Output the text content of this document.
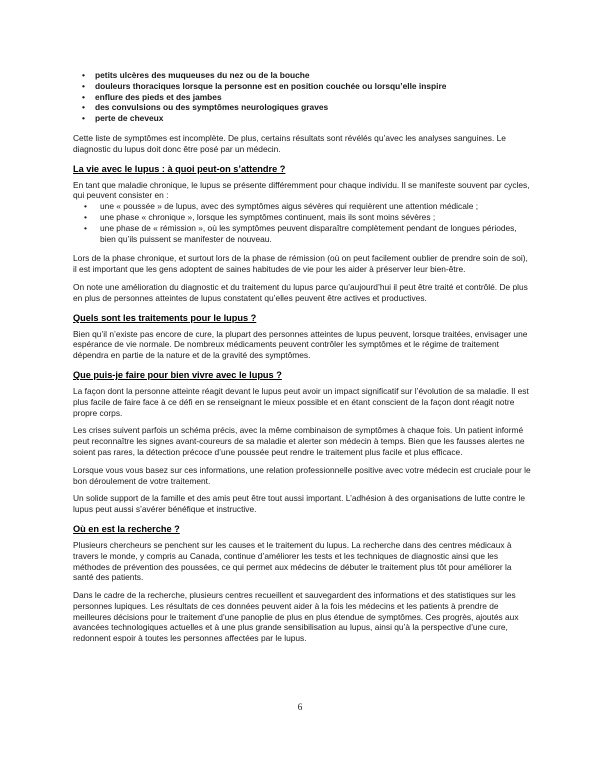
• petits ulcères des muqueuses du nez ou de la bouche
• douleurs thoraciques lorsque la personne est en position couchée ou lorsqu’elle inspire
• enflure des pieds et des jambes
• des convulsions ou des symptômes neurologiques graves
• perte de cheveux

Cette liste de symptômes est incomplète. De plus, certains résultats sont révélés qu’avec les analyses sanguines. Le diagnostic du lupus doit donc être posé par un médecin.

La vie avec le lupus : à quoi peut-on s’attendre ?

En tant que maladie chronique, le lupus se présente différemment pour chaque individu. Il se manifeste souvent par cycles, qui peuvent consister en :

• une « poussée » de lupus, avec des symptômes aigus sévères qui requièrent une attention médicale ;
• une phase « chronique », lorsque les symptômes continuent, mais ils sont moins sévères ;
• une phase de « rémission », où les symptômes peuvent disparaître complètement pendant de longues périodes, bien qu’ils puissent se manifester de nouveau.

Lors de la phase chronique, et surtout lors de la phase de rémission (où on peut facilement oublier de prendre soin de soi), il est important que les gens adoptent de saines habitudes de vie pour les aider à préserver leur bien-être.

On note une amélioration du diagnostic et du traitement du lupus parce qu’aujourd’hui il peut être traité et contrôlé. De plus en plus de personnes atteintes de lupus constatent qu’elles peuvent être actives et productives.

Quels sont les traitements pour le lupus ?

Bien qu’il n’existe pas encore de cure, la plupart des personnes atteintes de lupus peuvent, lorsque traitées, envisager une espérance de vie normale. De nombreux médicaments peuvent contrôler les symptômes et le régime de traitement dépendra en partie de la nature et de la gravité des symptômes.

Que puis-je faire pour bien vivre avec le lupus ?

La façon dont la personne atteinte réagit devant le lupus peut avoir un impact significatif sur l’évolution de sa maladie. Il est plus facile de faire face à ce défi en se renseignant le mieux possible et en étant conscient de la façon dont réagit notre propre corps.

Les crises suivent parfois un schéma précis, avec la même combinaison de symptômes à chaque fois. Un patient informé peut reconnaître les signes avant-coureurs de sa maladie et alerter son médecin à temps. Bien que les fausses alertes ne soient pas rares, la détection précoce d’une poussée peut rendre le traitement plus facile et plus efficace.

Lorsque vous vous basez sur ces informations, une relation professionnelle positive avec votre médecin est cruciale pour le bon déroulement de votre traitement.

Un solide support de la famille et des amis peut être tout aussi important. L’adhésion à des organisations de lutte contre le lupus peut aussi s’avérer bénéfique et instructive.

Où en est la recherche ?

Plusieurs chercheurs se penchent sur les causes et le traitement du lupus. La recherche dans des centres médicaux à travers le monde, y compris au Canada, continue d’améliorer les tests et les techniques de diagnostic ainsi que les méthodes de prévention des poussées, ce qui permet aux médecins de débuter le traitement plus tôt pour améliorer la santé des patients.

Dans le cadre de la recherche, plusieurs centres recueillent et sauvegardent des informations et des statistiques sur les personnes lupiques. Les résultats de ces données peuvent aider à la fois les médecins et les patients à prendre de meilleures décisions pour le traitement d’une panoplie de plus en plus étendue de symptômes. Ces progrès, ajoutés aux avancées technologiques actuelles et à une plus grande sensibilisation au lupus, ainsi qu’à la perspective d’une cure, redonnent espoir à toutes les personnes affectées par le lupus.

6
